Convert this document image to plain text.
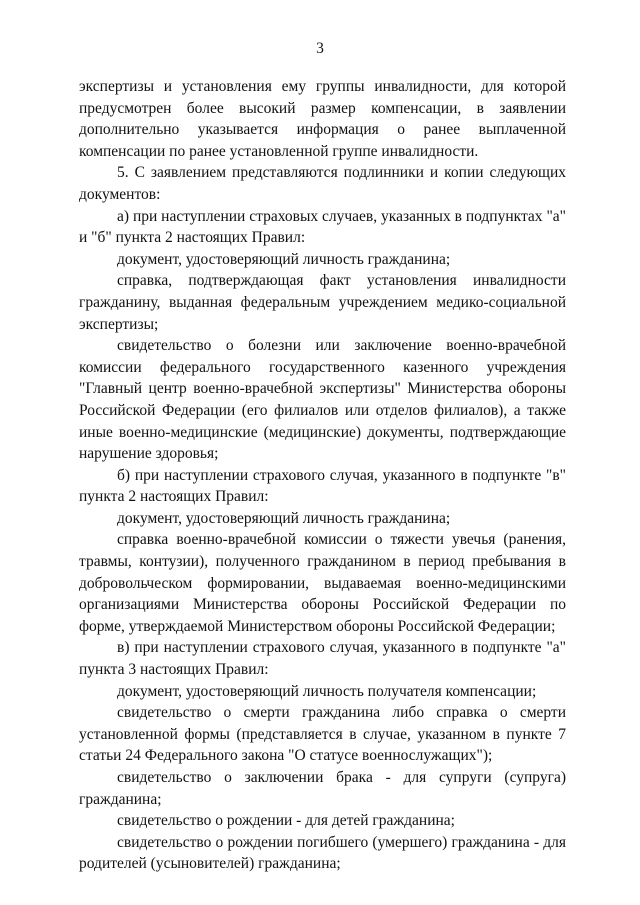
3

экспертизы и установления ему группы инвалидности, для которой предусмотрен более высокий размер компенсации, в заявлении дополнительно указывается информация о ранее выплаченной компенсации по ранее установленной группе инвалидности.

5. С заявлением представляются подлинники и копии следующих документов:

а) при наступлении страховых случаев, указанных в подпунктах "а" и "б" пункта 2 настоящих Правил:

документ, удостоверяющий личность гражданина;

справка, подтверждающая факт установления инвалидности гражданину, выданная федеральным учреждением медико-социальной экспертизы;

свидетельство о болезни или заключение военно-врачебной комиссии федерального государственного казенного учреждения "Главный центр военно-врачебной экспертизы" Министерства обороны Российской Федерации (его филиалов или отделов филиалов), а также иные военно-медицинские (медицинские) документы, подтверждающие нарушение здоровья;

б) при наступлении страхового случая, указанного в подпункте "в" пункта 2 настоящих Правил:

документ, удостоверяющий личность гражданина;

справка военно-врачебной комиссии о тяжести увечья (ранения, травмы, контузии), полученного гражданином в период пребывания в добровольческом формировании, выдаваемая военно-медицинскими организациями Министерства обороны Российской Федерации по форме, утверждаемой Министерством обороны Российской Федерации;

в) при наступлении страхового случая, указанного в подпункте "а" пункта 3 настоящих Правил:

документ, удостоверяющий личность получателя компенсации;

свидетельство о смерти гражданина либо справка о смерти установленной формы (представляется в случае, указанном в пункте 7 статьи 24 Федерального закона "О статусе военнослужащих");

свидетельство о заключении брака - для супруги (супруга) гражданина;

свидетельство о рождении - для детей гражданина;

свидетельство о рождении погибшего (умершего) гражданина - для родителей (усыновителей) гражданина;
